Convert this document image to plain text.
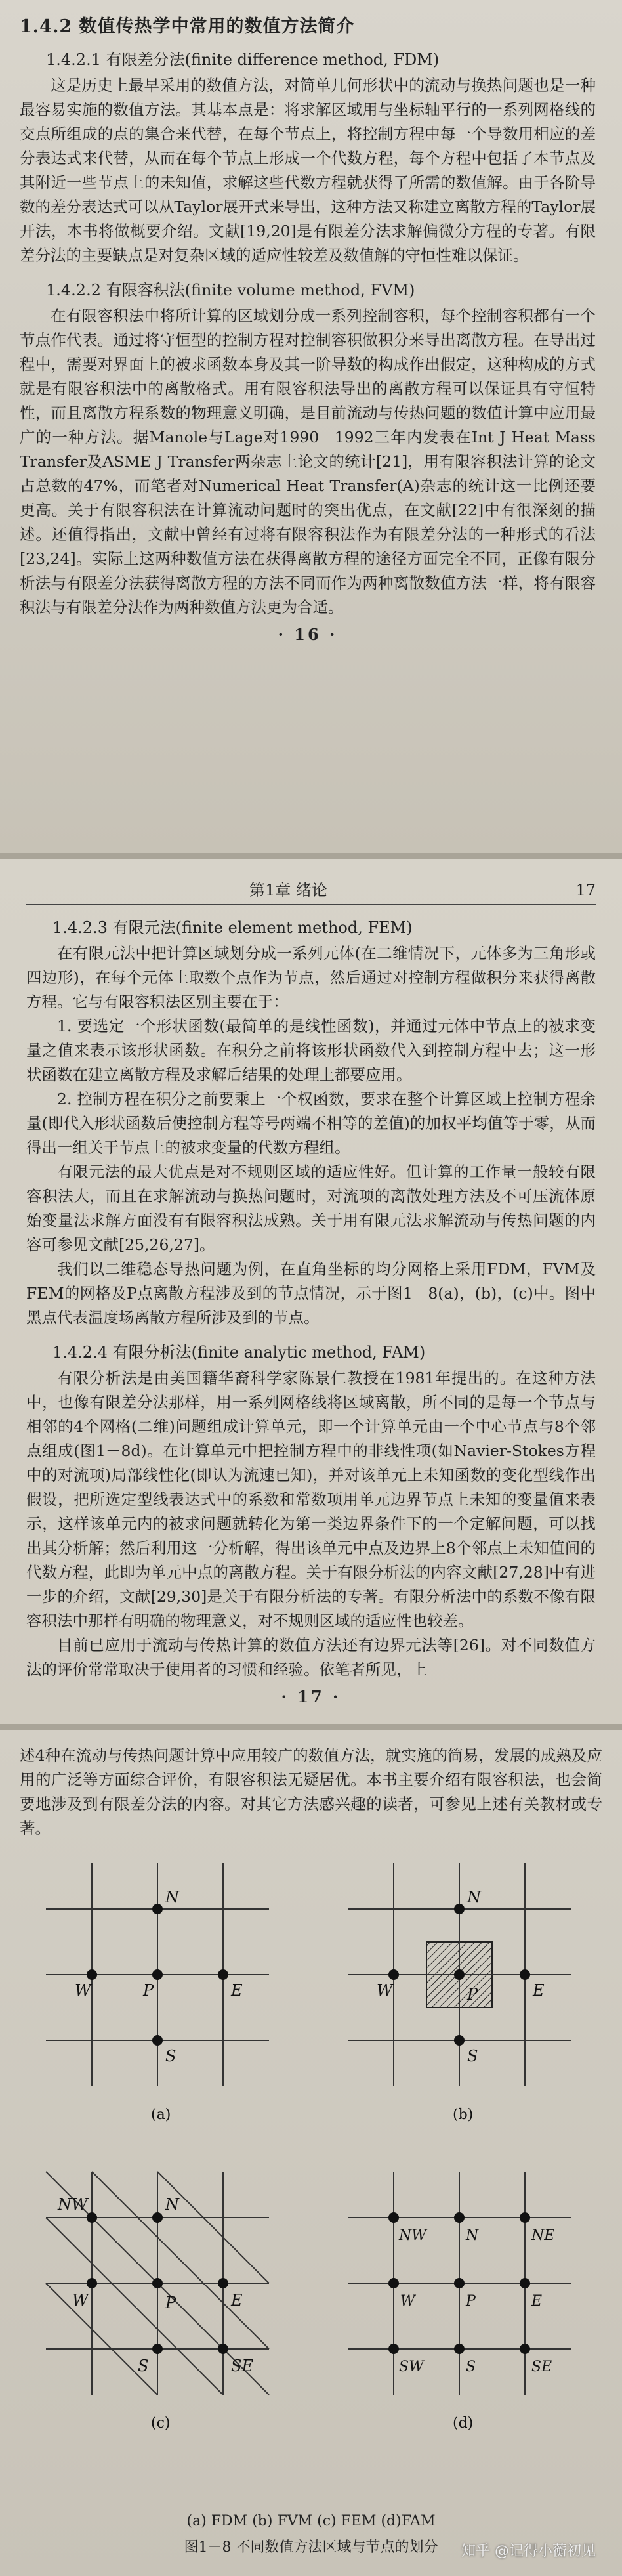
1.4.2 数值传热学中常用的数值方法简介
1.4.2.1 有限差分法(finite difference method, FDM)

这是历史上最早采用的数值方法，对简单几何形状中的流动与换热问题也是一种最容易实施的数值方法。其基本点是：将求解区域用与坐标轴平行的一系列网格线的交点所组成的点的集合来代替，在每个节点上，将控制方程中每一个导数用相应的差分表达式来代替，从而在每个节点上形成一个代数方程，每个方程中包括了本节点及其附近一些节点上的未知值，求解这些代数方程就获得了所需的数值解。由于各阶导数的差分表达式可以从Taylor展开式来导出，这种方法又称建立离散方程的Taylor展开法，本书将做概要介绍。文献[19,20]是有限差分法求解偏微分方程的专著。有限差分法的主要缺点是对复杂区域的适应性较差及数值解的守恒性难以保证。

1.4.2.2 有限容积法(finite volume method, FVM)

在有限容积法中将所计算的区域划分成一系列控制容积，每个控制容积都有一个节点作代表。通过将守恒型的控制方程对控制容积做积分来导出离散方程。在导出过程中，需要对界面上的被求函数本身及其一阶导数的构成作出假定，这种构成的方式就是有限容积法中的离散格式。用有限容积法导出的离散方程可以保证具有守恒特性，而且离散方程系数的物理意义明确，是目前流动与传热问题的数值计算中应用最广的一种方法。据Manole与Lage对1990－1992三年内发表在Int J Heat Mass Transfer及ASME J Transfer两杂志上论文的统计[21]，用有限容积法计算的论文占总数的47%，而笔者对Numerical Heat Transfer(A)杂志的统计这一比例还要更高。关于有限容积法在计算流动问题时的突出优点，在文献[22]中有很深刻的描述。还值得指出，文献中曾经有过将有限容积法作为有限差分法的一种形式的看法[23,24]。实际上这两种数值方法在获得离散方程的途径方面完全不同，正像有限分析法与有限差分法获得离散方程的方法不同而作为两种离散数值方法一样，将有限容积法与有限差分法作为两种数值方法更为合适。

· 16 ·
第1章 绪论	17
1.4.2.3 有限元法(finite element method, FEM)

在有限元法中把计算区域划分成一系列元体(在二维情况下，元体多为三角形或四边形)，在每个元体上取数个点作为节点，然后通过对控制方程做积分来获得离散方程。它与有限容积法区别主要在于：

1. 要选定一个形状函数(最简单的是线性函数)，并通过元体中节点上的被求变量之值来表示该形状函数。在积分之前将该形状函数代入到控制方程中去；这一形状函数在建立离散方程及求解后结果的处理上都要应用。

2. 控制方程在积分之前要乘上一个权函数，要求在整个计算区域上控制方程余量(即代入形状函数后使控制方程等号两端不相等的差值)的加权平均值等于零，从而得出一组关于节点上的被求变量的代数方程组。

有限元法的最大优点是对不规则区域的适应性好。但计算的工作量一般较有限容积法大，而且在求解流动与换热问题时，对流项的离散处理方法及不可压流体原始变量法求解方面没有有限容积法成熟。关于用有限元法求解流动与传热问题的内容可参见文献[25,26,27]。

我们以二维稳态导热问题为例，在直角坐标的均分网格上采用FDM，FVM及FEM的网格及P点离散方程涉及到的节点情况，示于图1－8(a)，(b)，(c)中。图中黑点代表温度场离散方程所涉及到的节点。

1.4.2.4 有限分析法(finite analytic method, FAM)

有限分析法是由美国籍华裔科学家陈景仁教授在1981年提出的。在这种方法中，也像有限差分法那样，用一系列网格线将区域离散，所不同的是每一个节点与相邻的4个网格(二维)问题组成计算单元，即一个计算单元由一个中心节点与8个邻点组成(图1－8d)。在计算单元中把控制方程中的非线性项(如Navier-Stokes方程中的对流项)局部线性化(即认为流速已知)，并对该单元上未知函数的变化型线作出假设，把所选定型线表达式中的系数和常数项用单元边界节点上未知的变量值来表示，这样该单元内的被求问题就转化为第一类边界条件下的一个定解问题，可以找出其分析解；然后利用这一分析解，得出该单元中点及边界上8个邻点上未知值间的代数方程，此即为单元中点的离散方程。关于有限分析法的内容文献[27,28]中有进一步的介绍，文献[29,30]是关于有限分析法的专著。有限分析法中的系数不像有限容积法中那样有明确的物理意义，对不规则区域的适应性也较差。

目前已应用于流动与传热计算的数值方法还有边界元法等[26]。对不同数值方法的评价常常取决于使用者的习惯和经验。依笔者所见，上

· 17 ·

述4种在流动与传热问题计算中应用较广的数值方法，就实施的简易，发展的成熟及应用的广泛等方面综合评价，有限容积法无疑居优。本书主要介绍有限容积法，也会简要地涉及到有限差分法的内容。对其它方法感兴趣的读者，可参见上述有关教材或专著。

N
W	P	E
S
(a)
N
W	P	E
S
(b)
NW	N
W	P	E
S	SE
(c)
NW	N	NE
W	P	E
SW	S	SE
(d)
(a) FDM (b) FVM (c) FEM (d)FAM
图1－8 不同数值方法区域与节点的划分	知乎 @记得小蘅初见
